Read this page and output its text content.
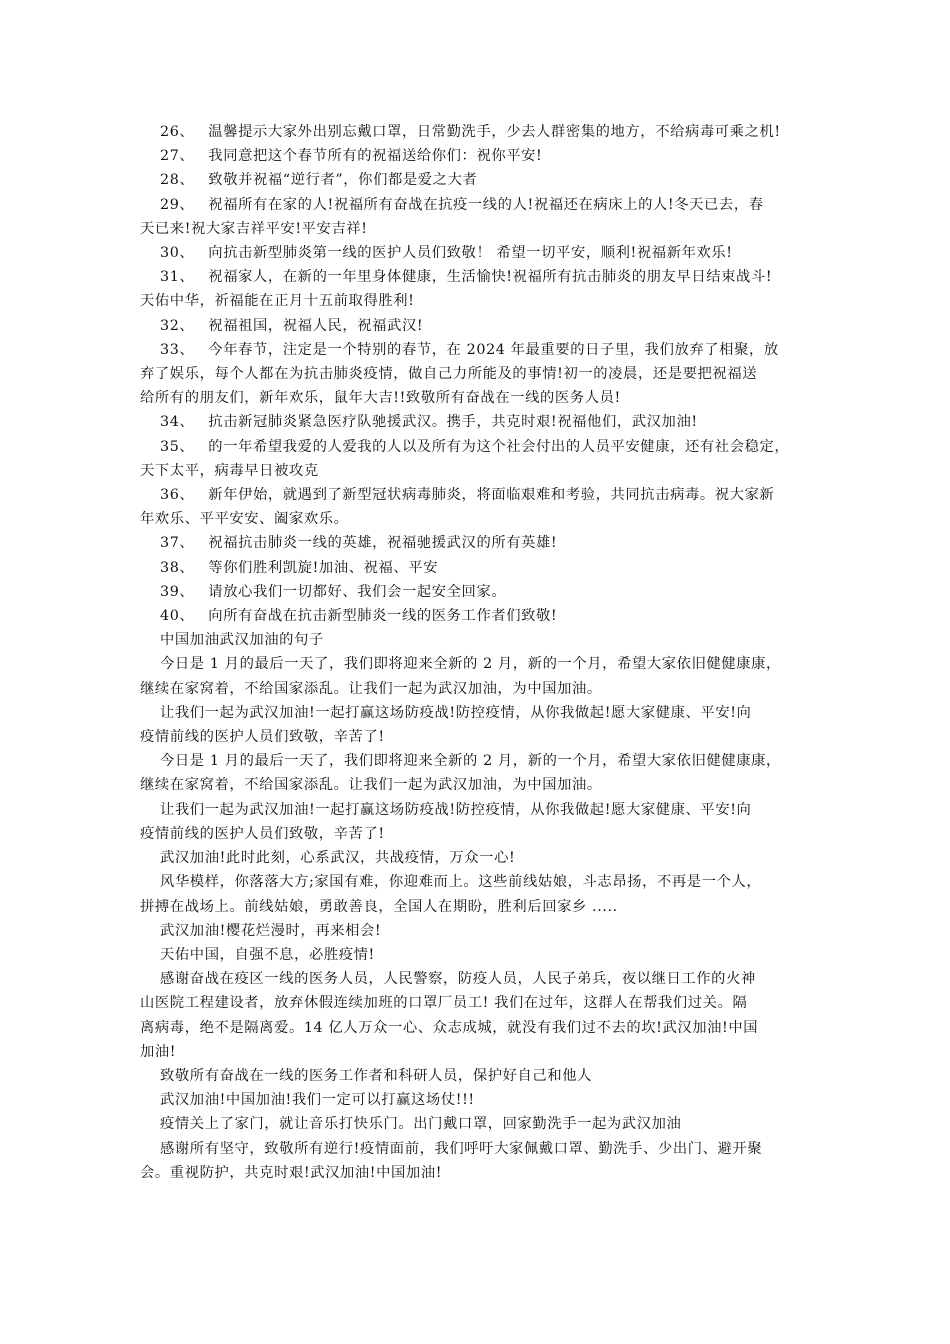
26、 温馨提示大家外出别忘戴口罩，日常勤洗手，少去人群密集的地方，不给病毒可乘之机!

27、 我同意把这个春节所有的祝福送给你们：祝你平安!

28、 致敬并祝福“逆行者”，你们都是爱之大者

29、 祝福所有在家的人!祝福所有奋战在抗疫一线的人!祝福还在病床上的人!冬天已去，春
天已来!祝大家吉祥平安!平安吉祥!

30、 向抗击新型肺炎第一线的医护人员们致敬！ 希望一切平安，顺利!祝福新年欢乐!

31、 祝福家人，在新的一年里身体健康，生活愉快!祝福所有抗击肺炎的朋友早日结束战斗!
天佑中华，祈福能在正月十五前取得胜利!

32、 祝福祖国，祝福人民，祝福武汉!

33、 今年春节，注定是一个特别的春节，在 2024 年最重要的日子里，我们放弃了相聚，放
弃了娱乐，每个人都在为抗击肺炎疫情，做自己力所能及的事情!初一的凌晨，还是要把祝福送
给所有的朋友们，新年欢乐，鼠年大吉!!致敬所有奋战在一线的医务人员!

34、 抗击新冠肺炎紧急医疗队驰援武汉。携手，共克时艰!祝福他们，武汉加油!

35、 的一年希望我爱的人爱我的人以及所有为这个社会付出的人员平安健康，还有社会稳定，
天下太平，病毒早日被攻克

36、 新年伊始，就遇到了新型冠状病毒肺炎，将面临艰难和考验，共同抗击病毒。祝大家新
年欢乐、平平安安、阖家欢乐。

37、 祝福抗击肺炎一线的英雄，祝福驰援武汉的所有英雄!

38、 等你们胜利凯旋!加油、祝福、平安

39、 请放心我们一切都好、我们会一起安全回家。

40、 向所有奋战在抗击新型肺炎一线的医务工作者们致敬!

中国加油武汉加油的句子

今日是 1 月的最后一天了，我们即将迎来全新的 2 月，新的一个月，希望大家依旧健健康康，
继续在家窝着，不给国家添乱。让我们一起为武汉加油，为中国加油。

让我们一起为武汉加油!一起打赢这场防疫战!防控疫情，从你我做起!愿大家健康、平安!向
疫情前线的医护人员们致敬，辛苦了!

今日是 1 月的最后一天了，我们即将迎来全新的 2 月，新的一个月，希望大家依旧健健康康，
继续在家窝着，不给国家添乱。让我们一起为武汉加油，为中国加油。

让我们一起为武汉加油!一起打赢这场防疫战!防控疫情，从你我做起!愿大家健康、平安!向
疫情前线的医护人员们致敬，辛苦了!

武汉加油!此时此刻，心系武汉，共战疫情，万众一心!

风华模样，你落落大方;家国有难，你迎难而上。这些前线姑娘，斗志昂扬，不再是一个人，
拼搏在战场上。前线姑娘，勇敢善良，全国人在期盼，胜利后回家乡 .....

武汉加油!樱花烂漫时，再来相会!

天佑中国，自强不息，必胜疫情!

感谢奋战在疫区一线的医务人员，人民警察，防疫人员，人民子弟兵，夜以继日工作的火神
山医院工程建设者，放弃休假连续加班的口罩厂员工! 我们在过年，这群人在帮我们过关。隔
离病毒，绝不是隔离爱。14 亿人万众一心、众志成城，就没有我们过不去的坎!武汉加油!中国
加油!

致敬所有奋战在一线的医务工作者和科研人员，保护好自己和他人

武汉加油!中国加油!我们一定可以打赢这场仗!!!

疫情关上了家门，就让音乐打快乐门。出门戴口罩，回家勤洗手一起为武汉加油

感谢所有坚守，致敬所有逆行!疫情面前，我们呼吁大家佩戴口罩、勤洗手、少出门、避开聚
会。重视防护，共克时艰!武汉加油!中国加油!
